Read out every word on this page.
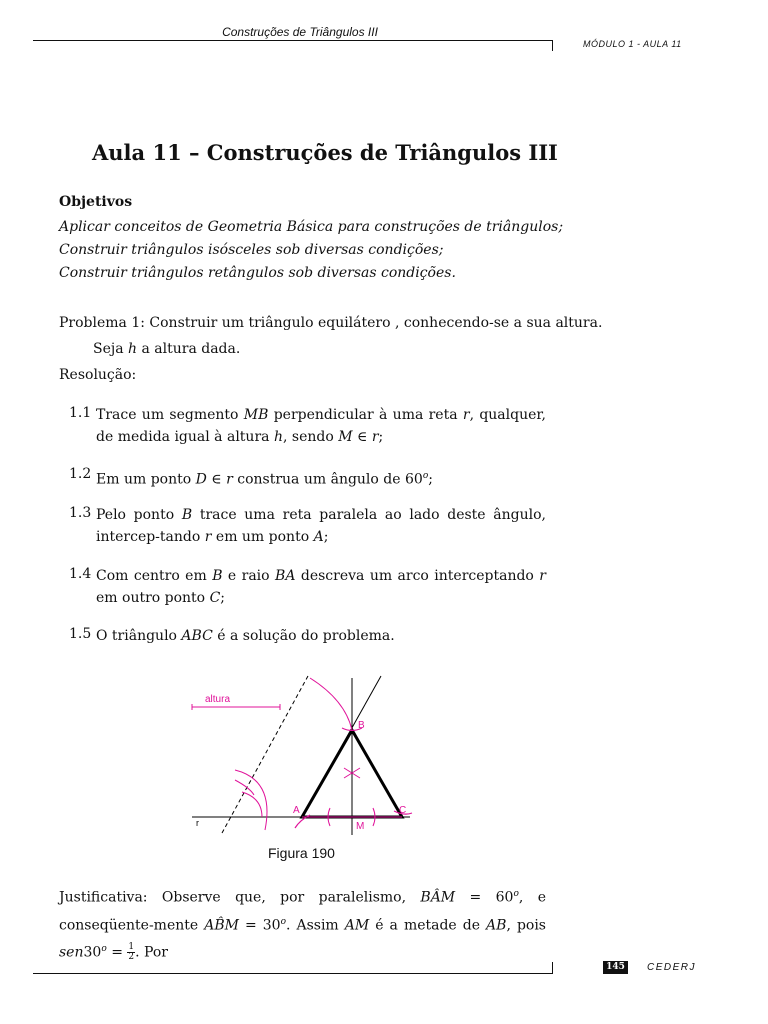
Construções de Triângulos III
MÓDULO 1 - AULA 11
Aula 11 – Construções de Triângulos III
Objetivos
Aplicar conceitos de Geometria Básica para construções de triângulos;
Construir triângulos isósceles sob diversas condições;
Construir triângulos retângulos sob diversas condições.
Problema 1: Construir um triângulo equilátero , conhecendo-se a sua altura.
Seja h a altura dada.
Resolução:
1.1 Trace um segmento MB perpendicular à uma reta r, qualquer, de medida igual à altura h, sendo M ∈ r;
1.2 Em um ponto D ∈ r construa um ângulo de 60$^o$;
1.3 Pelo ponto B trace uma reta paralela ao lado deste ângulo, intercep-tando r em um ponto A;
1.4 Com centro em B e raio BA descreva um arco interceptando r em outro ponto C;
1.5 O triângulo ABC é a solução do problema.
altura
B
A	C
M
r
Figura 190
Justificativa: Observe que, por paralelismo, BÂM = $60^o$, e conseqüente-mente AB̂M = $30^o$. Assim AM é a metade de AB, pois $sen30^o = \frac{1}{2}$ . Por
145	CEDERJ
